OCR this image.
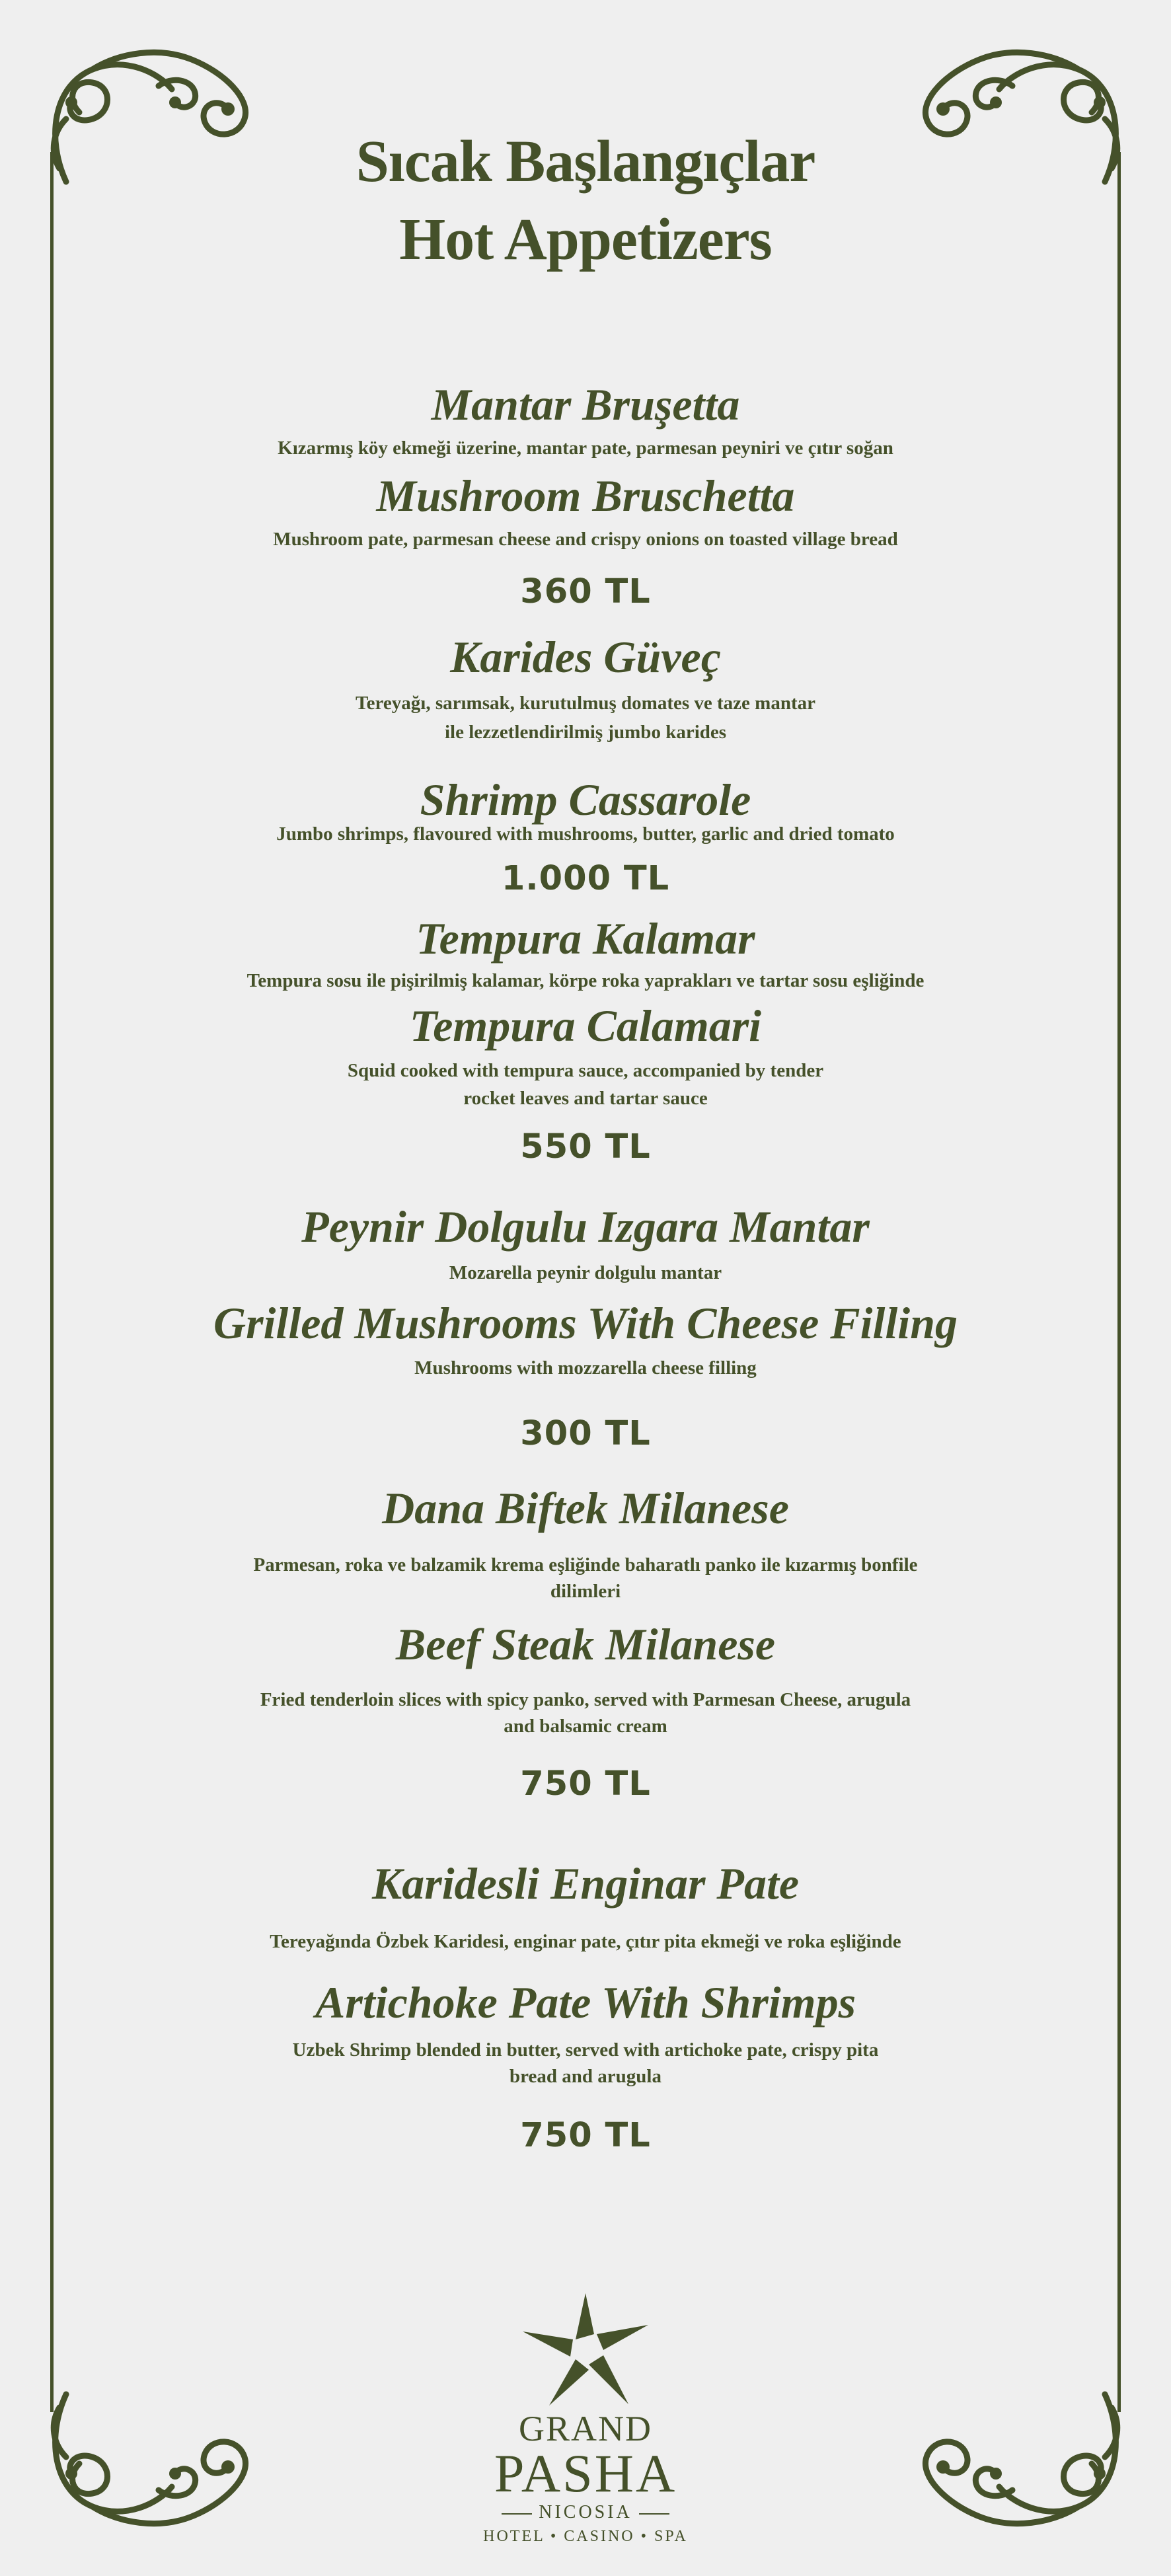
Sıcak Başlangıçlar
Hot Appetizers
Mantar Bruşetta
Kızarmış köy ekmeği üzerine, mantar pate, parmesan peyniri ve çıtır soğan
Mushroom Bruschetta
Mushroom pate, parmesan cheese and crispy onions on toasted village bread
360 TL
Karides Güveç
Tereyağı, sarımsak, kurutulmuş domates ve taze mantar
ile lezzetlendirilmiş jumbo karides
Shrimp Cassarole
Jumbo shrimps, flavoured with mushrooms, butter, garlic and dried tomato
1.000 TL
Tempura Kalamar
Tempura sosu ile pişirilmiş kalamar, körpe roka yaprakları ve tartar sosu eşliğinde
Tempura Calamari
Squid cooked with tempura sauce, accompanied by tender
rocket leaves and tartar sauce
550 TL
Peynir Dolgulu Izgara Mantar
Mozarella peynir dolgulu mantar
Grilled Mushrooms With Cheese Filling
Mushrooms with mozzarella cheese filling
300 TL
Dana Biftek Milanese
Parmesan, roka ve balzamik krema eşliğinde baharatlı panko ile kızarmış bonfile
dilimleri
Beef Steak Milanese
Fried tenderloin slices with spicy panko, served with Parmesan Cheese, arugula
and balsamic cream
750 TL
Karidesli Enginar Pate
Tereyağında Özbek Karidesi, enginar pate, çıtır pita ekmeği ve roka eşliğinde
Artichoke Pate With Shrimps
Uzbek Shrimp blended in butter, served with artichoke pate, crispy pita
bread and arugula
750 TL
GRAND
PASHA
NICOSIA
HOTEL • CASINO • SPA
